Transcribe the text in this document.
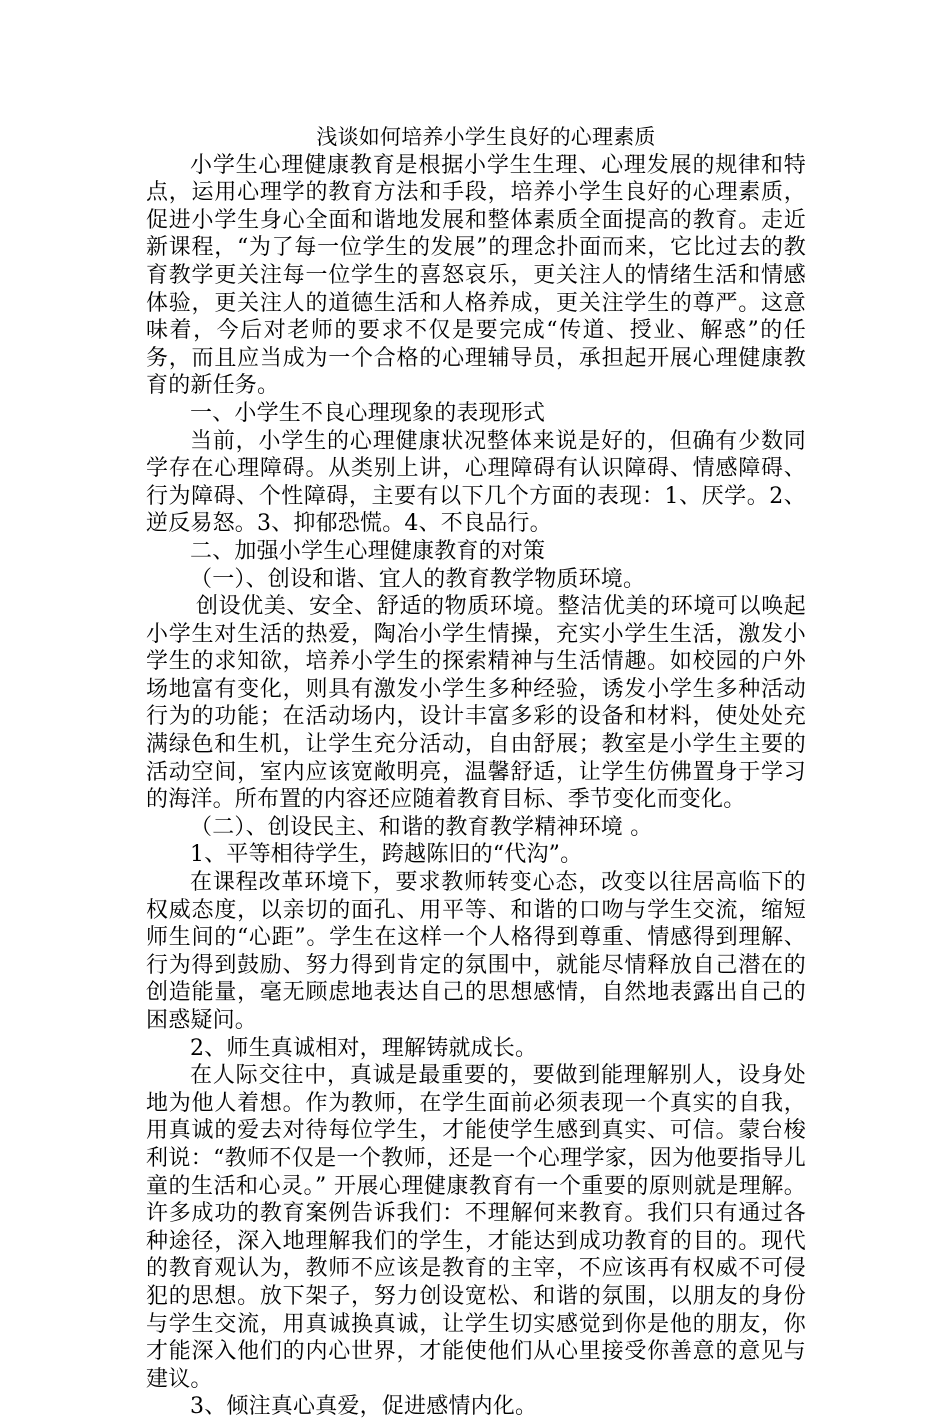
浅谈如何培养小学生良好的心理素质

小学生心理健康教育是根据小学生生理、心理发展的规律和特点，运用心理学的教育方法和手段，培养小学生良好的心理素质，促进小学生身心全面和谐地发展和整体素质全面提高的教育。走近新课程，“为了每一位学生的发展”的理念扑面而来，它比过去的教育教学更关注每一位学生的喜怒哀乐，更关注人的情绪生活和情感体验，更关注人的道德生活和人格养成，更关注学生的尊严。这意味着，今后对老师的要求不仅是要完成“传道、授业、解惑”的任务，而且应当成为一个合格的心理辅导员，承担起开展心理健康教育的新任务。

一、小学生不良心理现象的表现形式

当前，小学生的心理健康状况整体来说是好的，但确有少数同学存在心理障碍。从类别上讲，心理障碍有认识障碍、情感障碍、行为障碍、个性障碍，主要有以下几个方面的表现：1、厌学。2、逆反易怒。3、抑郁恐慌。4、不良品行。

二、加强小学生心理健康教育的对策

（一）、创设和谐、宜人的教育教学物质环境。

创设优美、安全、舒适的物质环境。整洁优美的环境可以唤起小学生对生活的热爱，陶冶小学生情操，充实小学生生活，激发小学生的求知欲，培养小学生的探索精神与生活情趣。如校园的户外场地富有变化，则具有激发小学生多种经验，诱发小学生多种活动行为的功能；在活动场内，设计丰富多彩的设备和材料，使处处充满绿色和生机，让学生充分活动，自由舒展；教室是小学生主要的活动空间，室内应该宽敞明亮，温馨舒适，让学生仿佛置身于学习的海洋。所布置的内容还应随着教育目标、季节变化而变化。

（二）、创设民主、和谐的教育教学精神环境 。

1、平等相待学生，跨越陈旧的“代沟”。

在课程改革环境下，要求教师转变心态，改变以往居高临下的权威态度，以亲切的面孔、用平等、和谐的口吻与学生交流，缩短师生间的“心距”。学生在这样一个人格得到尊重、情感得到理解、行为得到鼓励、努力得到肯定的氛围中，就能尽情释放自己潜在的创造能量，毫无顾虑地表达自己的思想感情，自然地表露出自己的困惑疑问。

2、师生真诚相对，理解铸就成长。

在人际交往中，真诚是最重要的，要做到能理解别人，设身处地为他人着想。作为教师，在学生面前必须表现一个真实的自我，用真诚的爱去对待每位学生，才能使学生感到真实、可信。蒙台梭利说：“教师不仅是一个教师，还是一个心理学家，因为他要指导儿童的生活和心灵。” 开展心理健康教育有一个重要的原则就是理解。许多成功的教育案例告诉我们：不理解何来教育。我们只有通过各种途径，深入地理解我们的学生，才能达到成功教育的目的。现代的教育观认为，教师不应该是教育的主宰，不应该再有权威不可侵犯的思想。放下架子，努力创设宽松、和谐的氛围，以朋友的身份与学生交流，用真诚换真诚，让学生切实感觉到你是他的朋友，你才能深入他们的内心世界，才能使他们从心里接受你善意的意见与建议。

3、倾注真心真爱，促进感情内化。
